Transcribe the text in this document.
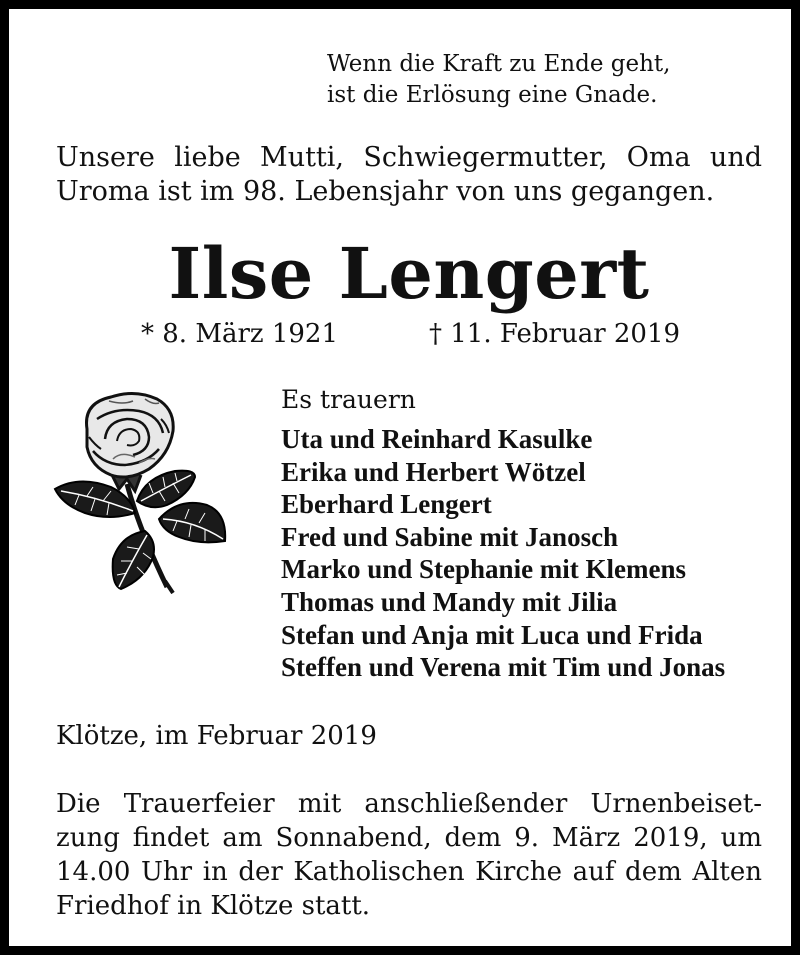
Wenn die Kraft zu Ende geht,
ist die Erlösung eine Gnade.
Unsere liebe Mutti, Schwiegermutter, Oma und Uroma ist im 98. Lebensjahr von uns gegangen.
Ilse Lengert
* 8. März 1921	† 11. Februar 2019
Es trauern
Uta und Reinhard Kasulke
Erika und Herbert Wötzel
Eberhard Lengert
Fred und Sabine mit Janosch
Marko und Stephanie mit Klemens
Thomas und Mandy mit Jilia
Stefan und Anja mit Luca und Frida
Steffen und Verena mit Tim und Jonas
Klötze, im Februar 2019
Die Trauerfeier mit anschließender Urnenbeiset-
zung findet am Sonnabend, dem 9. März 2019, um
14.00 Uhr in der Katholischen Kirche auf dem Alten
Friedhof in Klötze statt.
